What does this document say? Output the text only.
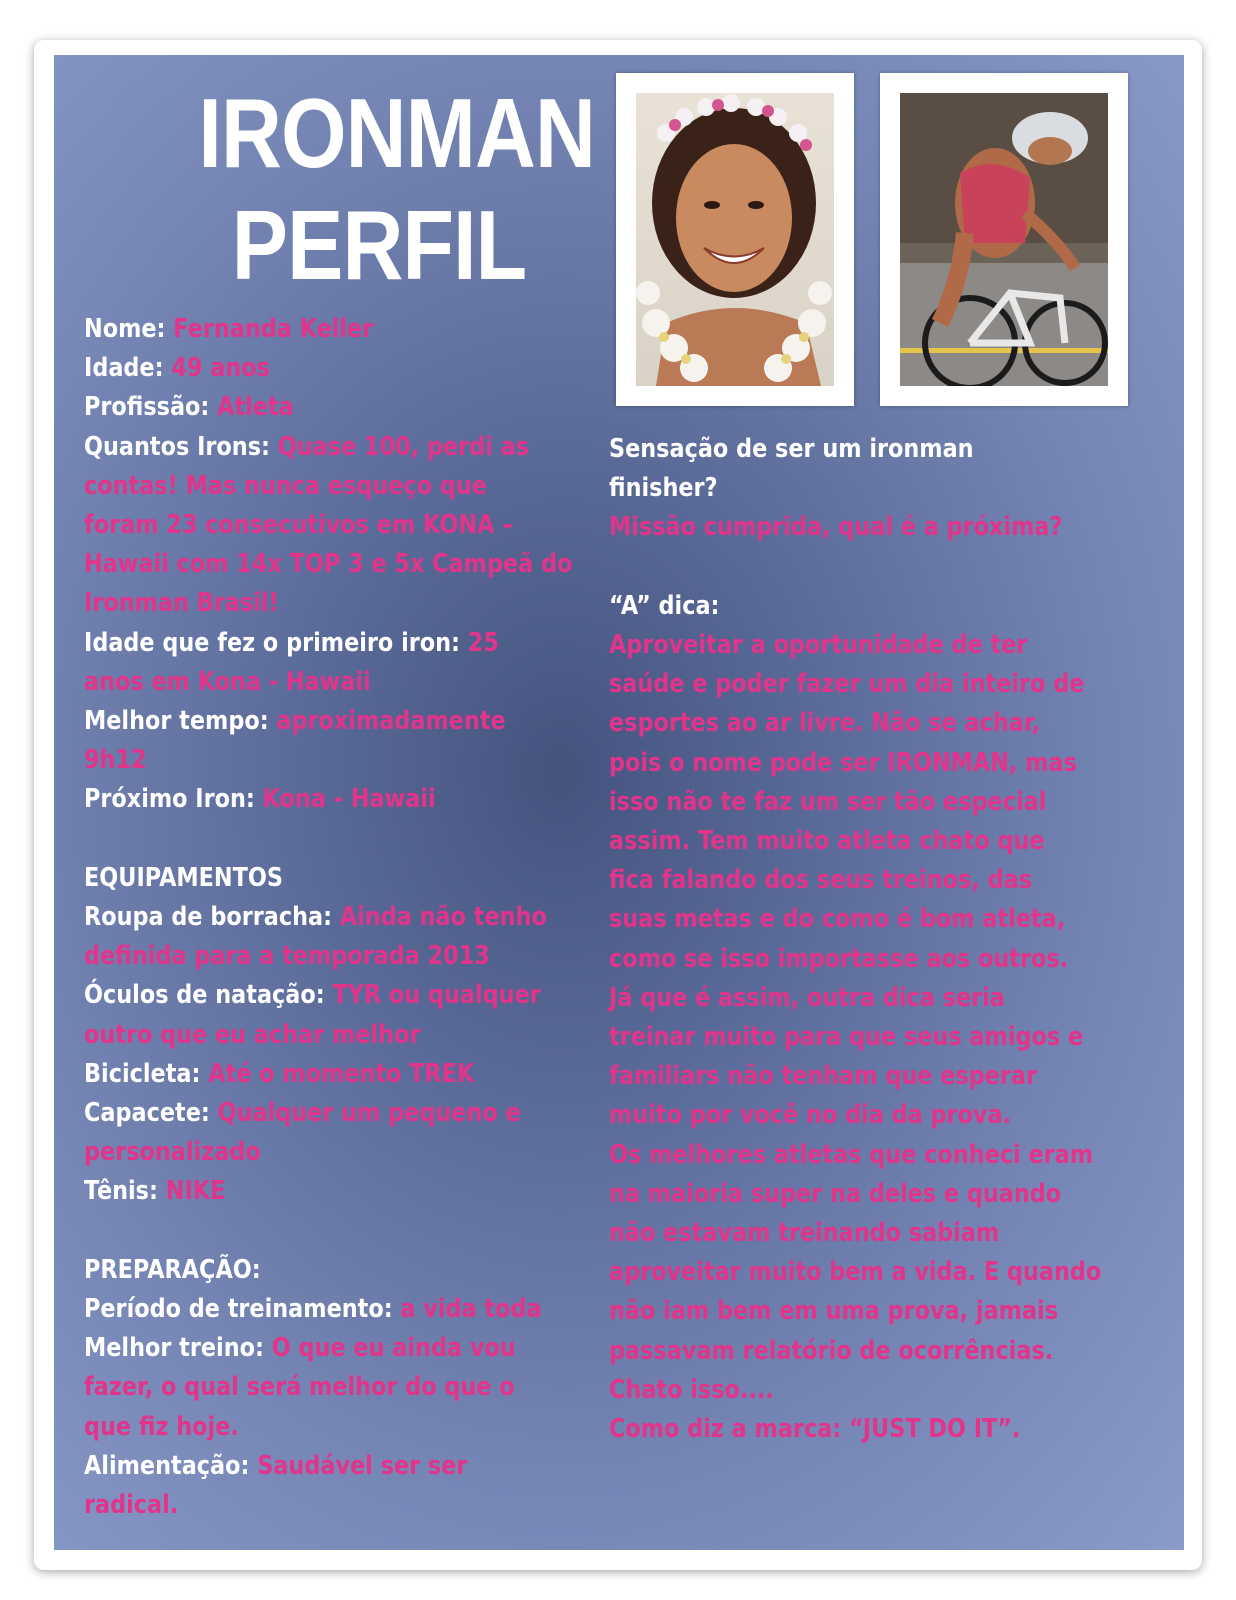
IRONMAN
PERFIL

Nome: Fernanda Keller

Idade: 49 anos

Profissão: Atleta

Quantos Irons: Quase 100, perdi as

contas! Mas nunca esqueço que

foram 23 consecutivos em KONA –

Hawaii com 14x TOP 3 e 5x Campeã do

Ironman Brasil!

Idade que fez o primeiro iron: 25

anos em Kona - Hawaii

Melhor tempo: aproximadamente

9h12

Próximo Iron: Kona - Hawaii

EQUIPAMENTOS

Roupa de borracha: Ainda não tenho

definida para a temporada 2013

Óculos de natação: TYR ou qualquer

outro que eu achar melhor

Bicicleta: Até o momento TREK

Capacete: Qualquer um pequeno e

personalizado

Tênis: NIKE

PREPARAÇÃO:

Período de treinamento: a vida toda

Melhor treino: O que eu ainda vou

fazer, o qual será melhor do que o

que fiz hoje.

Alimentação: Saudável ser ser

radical.

Sensação de ser um ironman

finisher?

Missão cumprida, qual é a próxima?

“A” dica:

Aproveitar a oportunidade de ter

saúde e poder fazer um dia inteiro de

esportes ao ar livre. Não se achar,

pois o nome pode ser IRONMAN, mas

isso não te faz um ser tão especial

assim. Tem muito atleta chato que

fica falando dos seus treinos, das

suas metas e do como é bom atleta,

como se isso importasse aos outros.

Já que é assim, outra dica seria

treinar muito para que seus amigos e

familiars não tenham que esperar

muito por você no dia da prova.

Os melhores atletas que conheci eram

na maioria super na deles e quando

não estavam treinando sabiam

aproveitar muito bem a vida. E quando

não iam bem em uma prova, jamais

passavam relatório de ocorrências.

Chato isso....

Como diz a marca: “JUST DO IT”.
